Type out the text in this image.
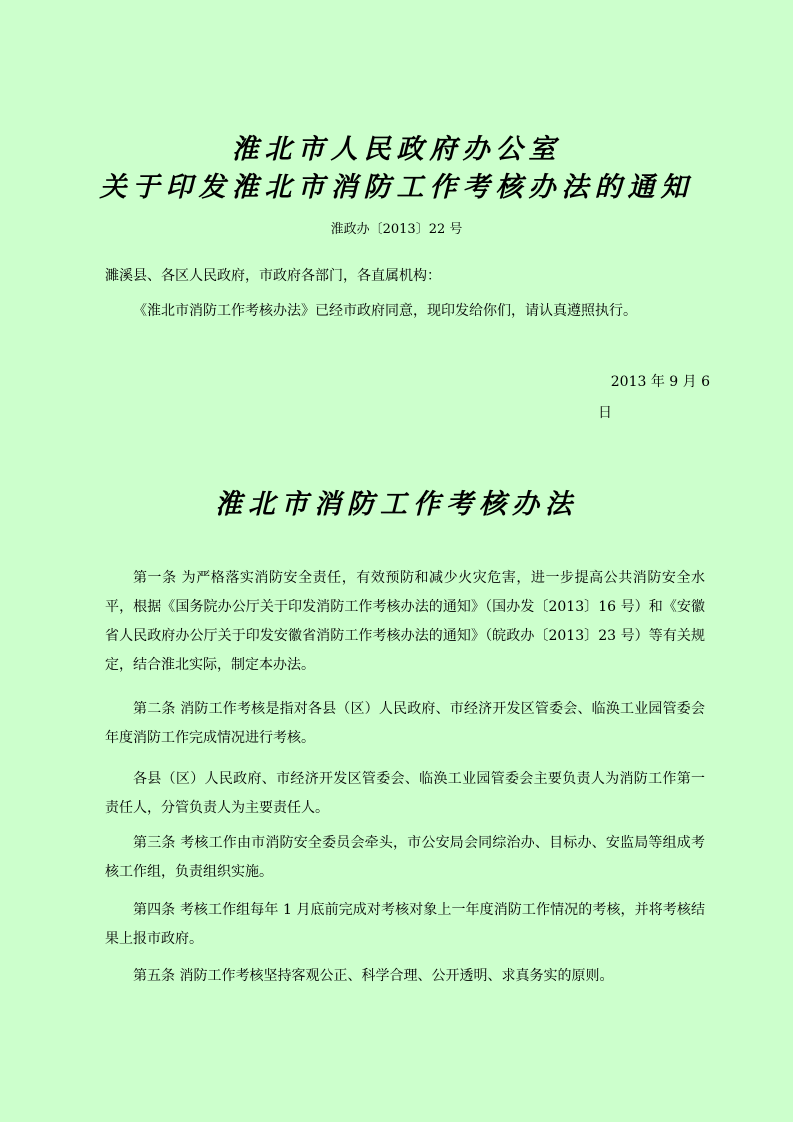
淮北市人民政府办公室
关于印发淮北市消防工作考核办法的通知
淮政办〔2013〕22 号
濉溪县、各区人民政府，市政府各部门，各直属机构：
《淮北市消防工作考核办法》已经市政府同意，现印发给你们，请认真遵照执行。
2013 年 9 月 6
日
淮北市消防工作考核办法
第一条 为严格落实消防安全责任，有效预防和减少火灾危害，进一步提高公共消防安全水平，根据《国务院办公厅关于印发消防工作考核办法的通知》（国办发〔2013〕16 号）和《安徽省人民政府办公厅关于印发安徽省消防工作考核办法的通知》（皖政办〔2013〕23 号）等有关规定，结合淮北实际，制定本办法。
第二条 消防工作考核是指对各县（区）人民政府、市经济开发区管委会、临涣工业园管委会年度消防工作完成情况进行考核。
各县（区）人民政府、市经济开发区管委会、临涣工业园管委会主要负责人为消防工作第一责任人，分管负责人为主要责任人。
第三条 考核工作由市消防安全委员会牵头，市公安局会同综治办、目标办、安监局等组成考核工作组，负责组织实施。
第四条 考核工作组每年 1 月底前完成对考核对象上一年度消防工作情况的考核，并将考核结果上报市政府。
第五条 消防工作考核坚持客观公正、科学合理、公开透明、求真务实的原则。
